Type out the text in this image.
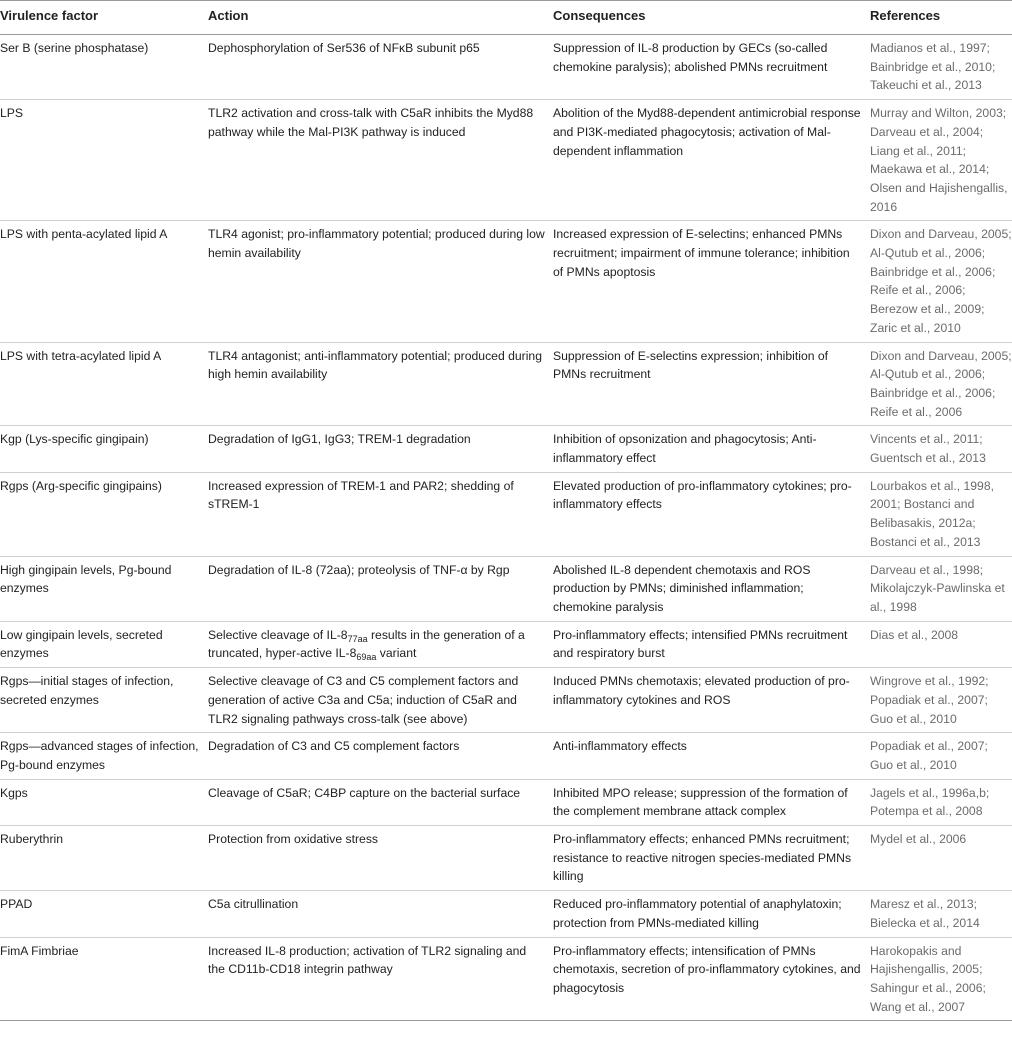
Virulence factor	Action	Consequences	References
Ser B (serine phosphatase)	Dephosphorylation of Ser536 of NFκB subunit p65	Suppression of IL-8 production by GECs (so-called chemokine paralysis); abolished PMNs recruitment	Madianos et al., 1997; Bainbridge et al., 2010; Takeuchi et al., 2013
LPS	TLR2 activation and cross-talk with C5aR inhibits the Myd88 pathway while the Mal-PI3K pathway is induced	Abolition of the Myd88-dependent antimicrobial response and PI3K-mediated phagocytosis; activation of Mal-dependent inflammation	Murray and Wilton, 2003; Darveau et al., 2004; Liang et al., 2011; Maekawa et al., 2014; Olsen and Hajishengallis, 2016
LPS with penta-acylated lipid A	TLR4 agonist; pro-inflammatory potential; produced during low hemin availability	Increased expression of E-selectins; enhanced PMNs recruitment; impairment of immune tolerance; inhibition of PMNs apoptosis	Dixon and Darveau, 2005; Al-Qutub et al., 2006; Bainbridge et al., 2006; Reife et al., 2006; Berezow et al., 2009; Zaric et al., 2010
LPS with tetra-acylated lipid A	TLR4 antagonist; anti-inflammatory potential; produced during high hemin availability	Suppression of E-selectins expression; inhibition of PMNs recruitment	Dixon and Darveau, 2005; Al-Qutub et al., 2006; Bainbridge et al., 2006; Reife et al., 2006
Kgp (Lys-specific gingipain)	Degradation of IgG1, IgG3; TREM-1 degradation	Inhibition of opsonization and phagocytosis; Anti-inflammatory effect	Vincents et al., 2011; Guentsch et al., 2013
Rgps (Arg-specific gingipains)	Increased expression of TREM-1 and PAR2; shedding of sTREM-1	Elevated production of pro-inflammatory cytokines; pro-inflammatory effects	Lourbakos et al., 1998, 2001; Bostanci and Belibasakis, 2012a; Bostanci et al., 2013
High gingipain levels, Pg-bound enzymes	Degradation of IL-8 (72aa); proteolysis of TNF-α by Rgp	Abolished IL-8 dependent chemotaxis and ROS production by PMNs; diminished inflammation; chemokine paralysis	Darveau et al., 1998; Mikolajczyk-Pawlinska et al., 1998
Low gingipain levels, secreted enzymes	Selective cleavage of $IL-8_{77aa}$ results in the generation of a truncated, hyper-active $IL-8_{69aa}$ variant	Pro-inflammatory effects; intensified PMNs recruitment and respiratory burst	Dias et al., 2008
Rgps—initial stages of infection, secreted enzymes	Selective cleavage of C3 and C5 complement factors and generation of active C3a and C5a; induction of C5aR and TLR2 signaling pathways cross-talk (see above)	Induced PMNs chemotaxis; elevated production of pro-inflammatory cytokines and ROS	Wingrove et al., 1992; Popadiak et al., 2007; Guo et al., 2010
Rgps—advanced stages of infection, Pg-bound enzymes	Degradation of C3 and C5 complement factors	Anti-inflammatory effects	Popadiak et al., 2007; Guo et al., 2010
Kgps	Cleavage of C5aR; C4BP capture on the bacterial surface	Inhibited MPO release; suppression of the formation of the complement membrane attack complex	Jagels et al., 1996a,b; Potempa et al., 2008
Ruberythrin	Protection from oxidative stress	Pro-inflammatory effects; enhanced PMNs recruitment; resistance to reactive nitrogen species-mediated PMNs killing	Mydel et al., 2006
PPAD	C5a citrullination	Reduced pro-inflammatory potential of anaphylatoxin; protection from PMNs-mediated killing	Maresz et al., 2013; Bielecka et al., 2014
FimA Fimbriae	Increased IL-8 production; activation of TLR2 signaling and the CD11b-CD18 integrin pathway	Pro-inflammatory effects; intensification of PMNs chemotaxis, secretion of pro-inflammatory cytokines, and phagocytosis	Harokopakis and Hajishengallis, 2005; Sahingur et al., 2006; Wang et al., 2007
